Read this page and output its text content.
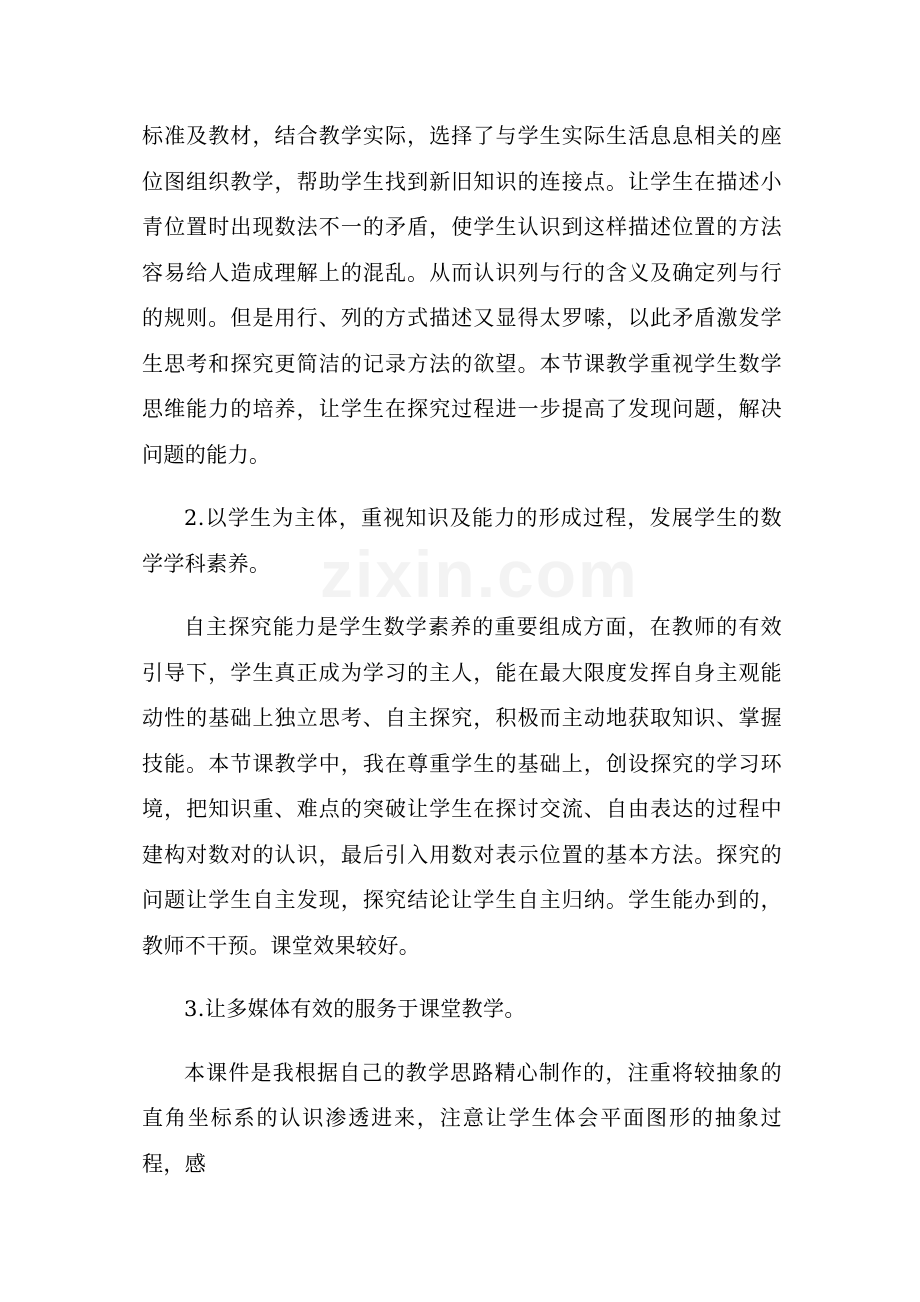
标准及教材，结合教学实际，选择了与学生实际生活息息相关的座位图组织教学，帮助学生找到新旧知识的连接点。让学生在描述小青位置时出现数法不一的矛盾，使学生认识到这样描述位置的方法容易给人造成理解上的混乱。从而认识列与行的含义及确定列与行的规则。但是用行、列的方式描述又显得太罗嗦，以此矛盾激发学生思考和探究更简洁的记录方法的欲望。本节课教学重视学生数学思维能力的培养，让学生在探究过程进一步提高了发现问题，解决问题的能力。

2.以学生为主体，重视知识及能力的形成过程，发展学生的数学学科素养。

自主探究能力是学生数学素养的重要组成方面，在教师的有效引导下，学生真正成为学习的主人，能在最大限度发挥自身主观能动性的基础上独立思考、自主探究，积极而主动地获取知识、掌握技能。本节课教学中，我在尊重学生的基础上，创设探究的学习环境，把知识重、难点的突破让学生在探讨交流、自由表达的过程中建构对数对的认识，最后引入用数对表示位置的基本方法。探究的问题让学生自主发现，探究结论让学生自主归纳。学生能办到的，教师不干预。课堂效果较好。

3.让多媒体有效的服务于课堂教学。

本课件是我根据自己的教学思路精心制作的，注重将较抽象的直角坐标系的认识渗透进来，注意让学生体会平面图形的抽象过程，感
